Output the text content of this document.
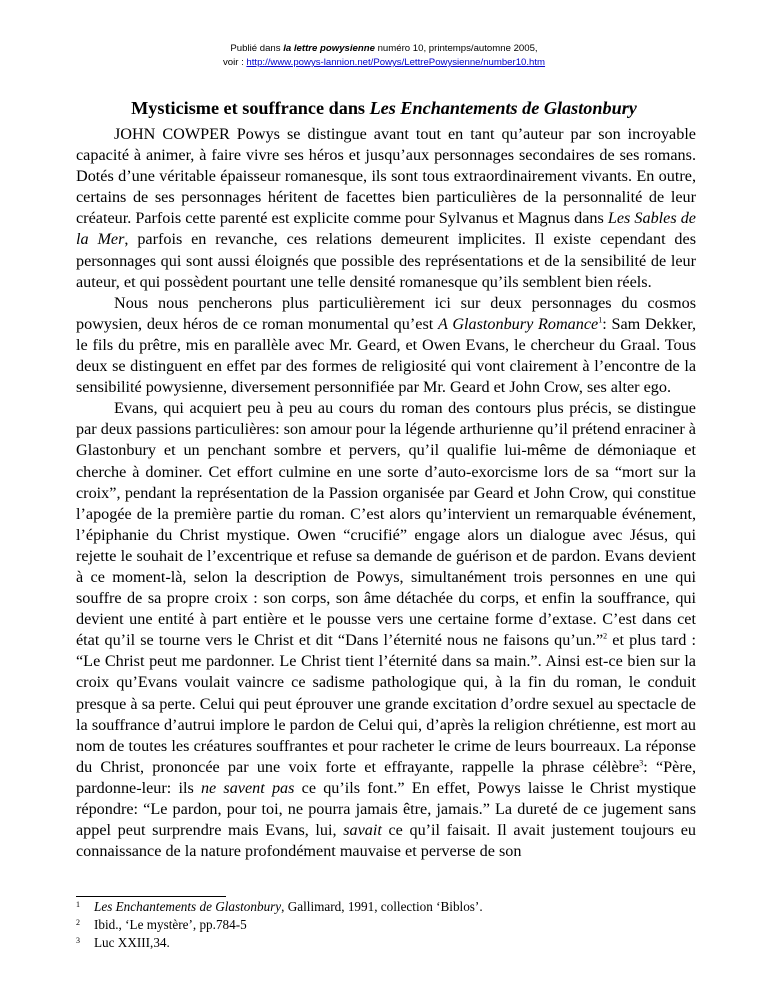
Publié dans la lettre powysienne numéro 10, printemps/automne 2005,
voir : http://www.powys-lannion.net/Powys/LettrePowysienne/number10.htm
Mysticisme et souffrance dans Les Enchantements de Glastonbury

JOHN COWPER Powys se distingue avant tout en tant qu’auteur par son incroyable capacité à animer, à faire vivre ses héros et jusqu’aux personnages secondaires de ses romans. Dotés d’une véritable épaisseur romanesque, ils sont tous extraordinairement vivants. En outre, certains de ses personnages héritent de facettes bien particulières de la personnalité de leur créateur. Parfois cette parenté est explicite comme pour Sylvanus et Magnus dans Les Sables de la Mer, parfois en revanche, ces relations demeurent implicites. Il existe cependant des personnages qui sont aussi éloignés que possible des représentations et de la sensibilité de leur auteur, et qui possèdent pourtant une telle densité romanesque qu’ils semblent bien réels.

Nous nous pencherons plus particulièrement ici sur deux personnages du cosmos powysien, deux héros de ce roman monumental qu’est A Glastonbury Romance$^1$: Sam Dekker, le fils du prêtre, mis en parallèle avec Mr. Geard, et Owen Evans, le chercheur du Graal. Tous deux se distinguent en effet par des formes de religiosité qui vont clairement à l’encontre de la sensibilité powysienne, diversement personnifiée par Mr. Geard et John Crow, ses alter ego.

Evans, qui acquiert peu à peu au cours du roman des contours plus précis, se distingue par deux passions particulières: son amour pour la légende arthurienne qu’il prétend enraciner à Glastonbury et un penchant sombre et pervers, qu’il qualifie lui-même de démoniaque et cherche à dominer. Cet effort culmine en une sorte d’auto-exorcisme lors de sa “mort sur la croix”, pendant la représentation de la Passion organisée par Geard et John Crow, qui constitue l’apogée de la première partie du roman. C’est alors qu’intervient un remarquable événement, l’épiphanie du Christ mystique. Owen “crucifié” engage alors un dialogue avec Jésus, qui rejette le souhait de l’excentrique et refuse sa demande de guérison et de pardon. Evans devient à ce moment-là, selon la description de Powys, simultanément trois personnes en une qui souffre de sa propre croix : son corps, son âme détachée du corps, et enfin la souffrance, qui devient une entité à part entière et le pousse vers une certaine forme d’extase. C’est dans cet état qu’il se tourne vers le Christ et dit “Dans l’éternité nous ne faisons qu’un.”$^2$ et plus tard : “Le Christ peut me pardonner. Le Christ tient l’éternité dans sa main.”. Ainsi est-ce bien sur la croix qu’Evans voulait vaincre ce sadisme pathologique qui, à la fin du roman, le conduit presque à sa perte. Celui qui peut éprouver une grande excitation d’ordre sexuel au spectacle de la souffrance d’autrui implore le pardon de Celui qui, d’après la religion chrétienne, est mort au nom de toutes les créatures souffrantes et pour racheter le crime de leurs bourreaux. La réponse du Christ, prononcée par une voix forte et effrayante, rappelle la phrase célèbre$^3$: “Père, pardonne-leur: ils ne savent pas ce qu’ils font.” En effet, Powys laisse le Christ mystique répondre: “Le pardon, pour toi, ne pourra jamais être, jamais.” La dureté de ce jugement sans appel peut surprendre mais Evans, lui, savait ce qu’il faisait. Il avait justement toujours eu connaissance de la nature profondément mauvaise et perverse de son

1 Les Enchantements de Glastonbury, Gallimard, 1991, collection ‘Biblos’.
2 Ibid., ‘Le mystère’, pp.784-5
3 Luc XXIII,34.
